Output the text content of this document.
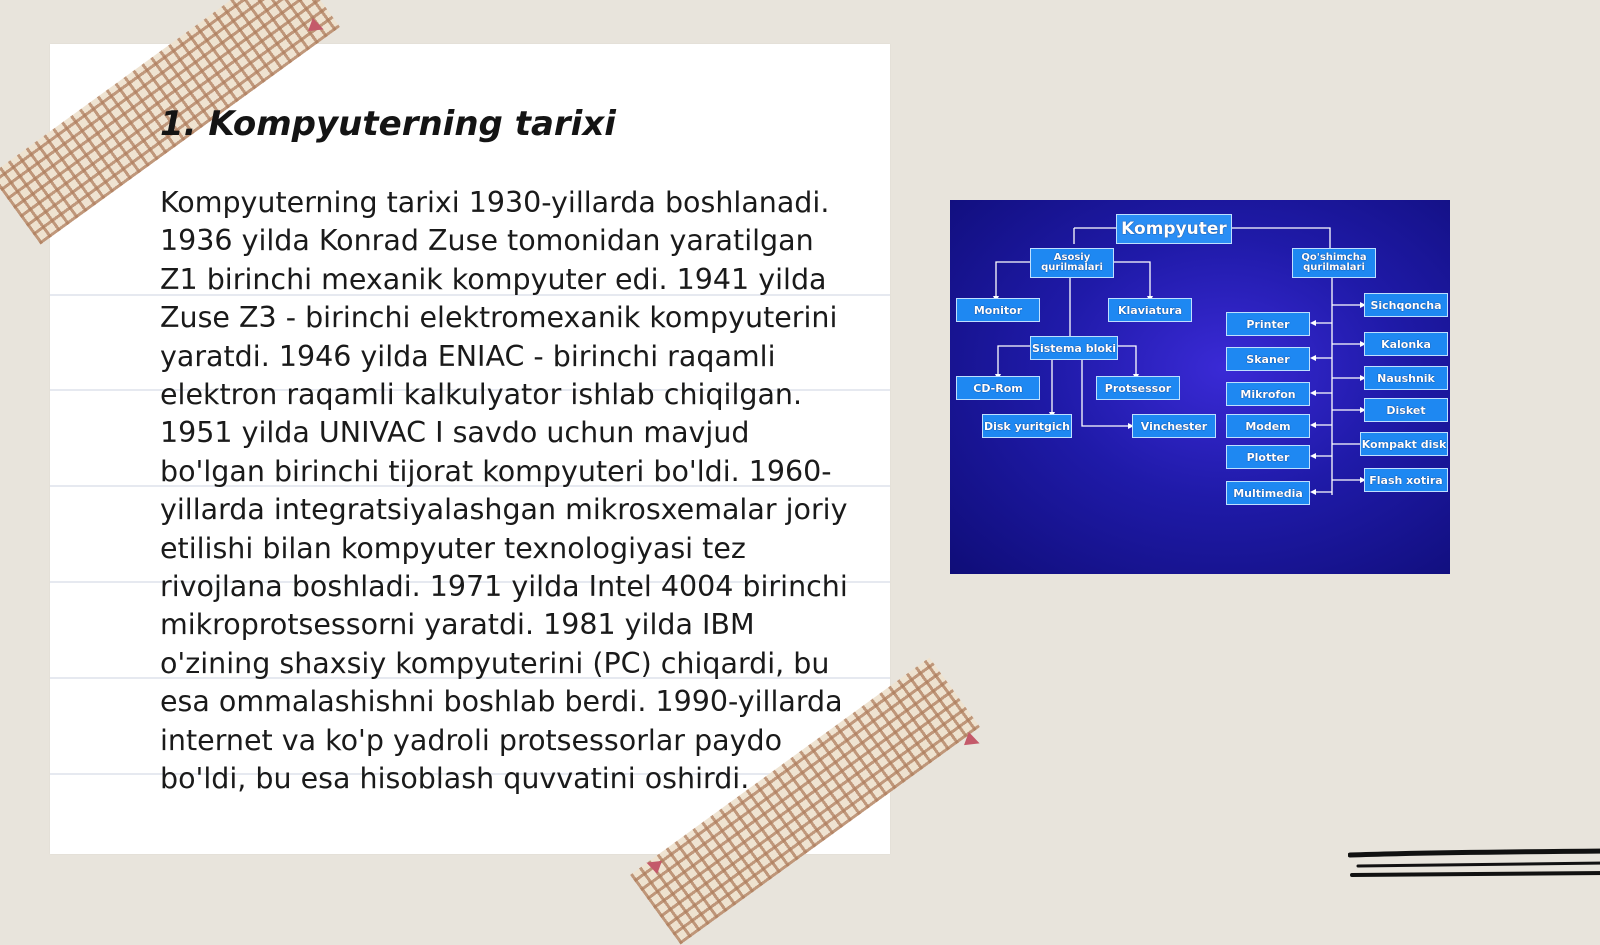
1. Kompyuterning tarixi

Kompyuterning tarixi 1930-yillarda boshlanadi. 1936 yilda Konrad Zuse tomonidan yaratilgan Z1 birinchi mexanik kompyuter edi. 1941 yilda Zuse Z3 - birinchi elektromexanik kompyuterini yaratdi. 1946 yilda ENIAC - birinchi raqamli elektron raqamli kalkulyator ishlab chiqilgan. 1951 yilda UNIVAC I savdo uchun mavjud bo'lgan birinchi tijorat kompyuteri bo'ldi. 1960-yillarda integratsiyalashgan mikrosxemalar joriy etilishi bilan kompyuter texnologiyasi tez rivojlana boshladi. 1971 yilda Intel 4004 birinchi mikroprotsessorni yaratdi. 1981 yilda IBM o'zining shaxsiy kompyuterini (PC) chiqardi, bu esa ommalashishni boshlab berdi. 1990-yillarda internet va ko'p yadroli protsessorlar paydo bo'ldi, bu esa hisoblash quvvatini oshirdi.

Kompyuter
Asosiy qurilmalari
Qo'shimcha qurilmalari
Monitor	Klaviatura
Sistema bloki
CD-Rom	Protsessor
Disk yuritgich	Vinchester
Printer
Skaner
Mikrofon
Modem
Plotter
Multimedia
Sichqoncha
Kalonka
Naushnik
Disket
Kompakt disk
Flash xotira
